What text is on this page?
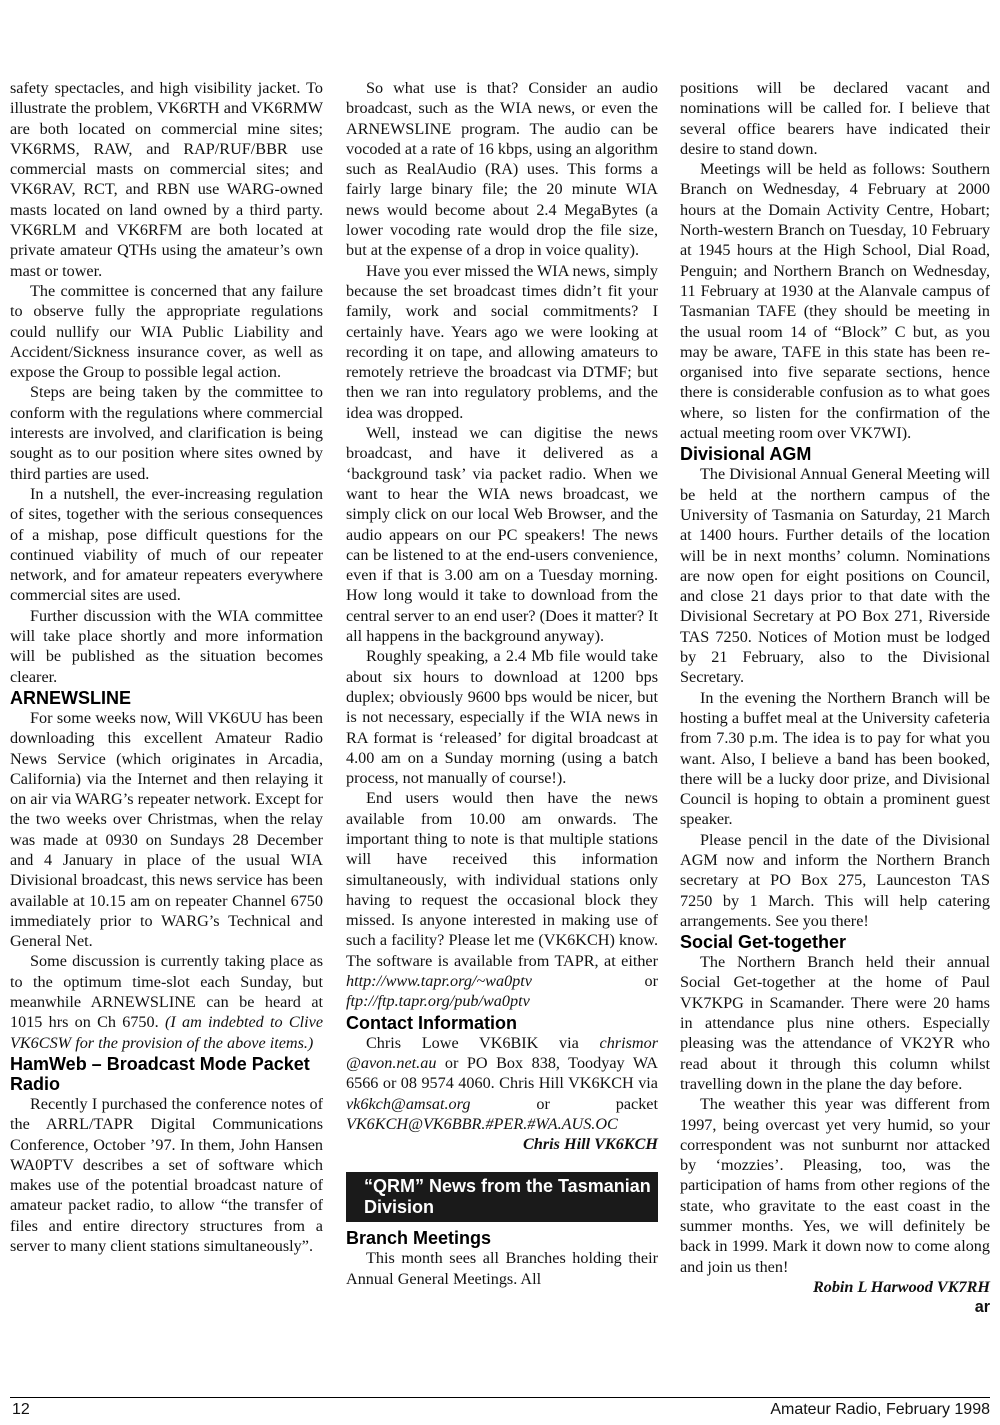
safety spectacles, and high visibility jacket. To illustrate the problem, VK6RTH and VK6RMW are both located on commercial mine sites; VK6RMS, RAW, and RAP/RUF/BBR use commercial masts on commercial sites; and VK6RAV, RCT, and RBN use WARG-owned masts located on land owned by a third party. VK6RLM and VK6RFM are both located at private amateur QTHs using the amateur’s own mast or tower.

The committee is concerned that any failure to observe fully the appropriate regulations could nullify our WIA Public Liability and Accident/Sickness insurance cover, as well as expose the Group to possible legal action.

Steps are being taken by the committee to conform with the regulations where commercial interests are involved, and clarification is being sought as to our position where sites owned by third parties are used.

In a nutshell, the ever-increasing regulation of sites, together with the serious consequences of a mishap, pose difficult questions for the continued viability of much of our repeater network, and for amateur repeaters everywhere commercial sites are used.

Further discussion with the WIA committee will take place shortly and more information will be published as the situation becomes clearer.

ARNEWSLINE

For some weeks now, Will VK6UU has been downloading this excellent Amateur Radio News Service (which originates in Arcadia, California) via the Internet and then relaying it on air via WARG’s repeater network. Except for the two weeks over Christmas, when the relay was made at 0930 on Sundays 28 December and 4 January in place of the usual WIA Divisional broadcast, this news service has been available at 10.15 am on repeater Channel 6750 immediately prior to WARG’s Technical and General Net.

Some discussion is currently taking place as to the optimum time-slot each Sunday, but meanwhile ARNEWSLINE can be heard at 1015 hrs on Ch 6750. (I am indebted to Clive VK6CSW for the provision of the above items.)

HamWeb – Broadcast Mode Packet Radio

Recently I purchased the conference notes of the ARRL/TAPR Digital Communications Conference, October ’97. In them, John Hansen WA0PTV describes a set of software which makes use of the potential broadcast nature of amateur packet radio, to allow “the transfer of files and entire directory structures from a server to many client stations simultaneously”.

So what use is that? Consider an audio broadcast, such as the WIA news, or even the ARNEWSLINE program. The audio can be vocoded at a rate of 16 kbps, using an algorithm such as RealAudio (RA) uses. This forms a fairly large binary file; the 20 minute WIA news would become about 2.4 MegaBytes (a lower vocoding rate would drop the file size, but at the expense of a drop in voice quality).

Have you ever missed the WIA news, simply because the set broadcast times didn’t fit your family, work and social commitments? I certainly have. Years ago we were looking at recording it on tape, and allowing amateurs to remotely retrieve the broadcast via DTMF; but then we ran into regulatory problems, and the idea was dropped.

Well, instead we can digitise the news broadcast, and have it delivered as a ‘background task’ via packet radio. When we want to hear the WIA news broadcast, we simply click on our local Web Browser, and the audio appears on our PC speakers! The news can be listened to at the end-users convenience, even if that is 3.00 am on a Tuesday morning. How long would it take to download from the central server to an end user? (Does it matter? It all happens in the background anyway).

Roughly speaking, a 2.4 Mb file would take about six hours to download at 1200 bps duplex; obviously 9600 bps would be nicer, but is not necessary, especially if the WIA news in RA format is ‘released’ for digital broadcast at 4.00 am on a Sunday morning (using a batch process, not manually of course!).

End users would then have the news available from 10.00 am onwards. The important thing to note is that multiple stations will have received this information simultaneously, with individual stations only having to request the occasional block they missed. Is anyone interested in making use of such a facility? Please let me (VK6KCH) know. The software is available from TAPR, at either http://www.tapr.org/~wa0ptv or ftp://ftp.tapr.org/pub/wa0ptv

Contact Information

Chris Lowe VK6BIK via chrismor @avon.net.au or PO Box 838, Toodyay WA 6566 or 08 9574 4060. Chris Hill VK6KCH via vk6kch@amsat.org or packet VK6KCH@VK6BBR.#PER.#WA.AUS.OC

Chris Hill VK6KCH

“QRM” News from the Tasmanian Division
Branch Meetings

This month sees all Branches holding their Annual General Meetings. All

positions will be declared vacant and nominations will be called for. I believe that several office bearers have indicated their desire to stand down.

Meetings will be held as follows: Southern Branch on Wednesday, 4 February at 2000 hours at the Domain Activity Centre, Hobart; North-western Branch on Tuesday, 10 February at 1945 hours at the High School, Dial Road, Penguin; and Northern Branch on Wednesday, 11 February at 1930 at the Alanvale campus of Tasmanian TAFE (they should be meeting in the usual room 14 of “Block” C but, as you may be aware, TAFE in this state has been re-organised into five separate sections, hence there is considerable confusion as to what goes where, so listen for the confirmation of the actual meeting room over VK7WI).

Divisional AGM

The Divisional Annual General Meeting will be held at the northern campus of the University of Tasmania on Saturday, 21 March at 1400 hours. Further details of the location will be in next months’ column. Nominations are now open for eight positions on Council, and close 21 days prior to that date with the Divisional Secretary at PO Box 271, Riverside TAS 7250. Notices of Motion must be lodged by 21 February, also to the Divisional Secretary.

In the evening the Northern Branch will be hosting a buffet meal at the University cafeteria from 7.30 p.m. The idea is to pay for what you want. Also, I believe a band has been booked, there will be a lucky door prize, and Divisional Council is hoping to obtain a prominent guest speaker.

Please pencil in the date of the Divisional AGM now and inform the Northern Branch secretary at PO Box 275, Launceston TAS 7250 by 1 March. This will help catering arrangements. See you there!

Social Get-together

The Northern Branch held their annual Social Get-together at the home of Paul VK7KPG in Scamander. There were 20 hams in attendance plus nine others. Especially pleasing was the attendance of VK2YR who read about it through this column whilst travelling down in the plane the day before.

The weather this year was different from 1997, being overcast yet very humid, so your correspondent was not sunburnt nor attacked by ‘mozzies’. Pleasing, too, was the participation of hams from other regions of the state, who gravitate to the east coast in the summer months. Yes, we will definitely be back in 1999. Mark it down now to come along and join us then!

Robin L Harwood VK7RH

ar

12	Amateur Radio, February 1998
